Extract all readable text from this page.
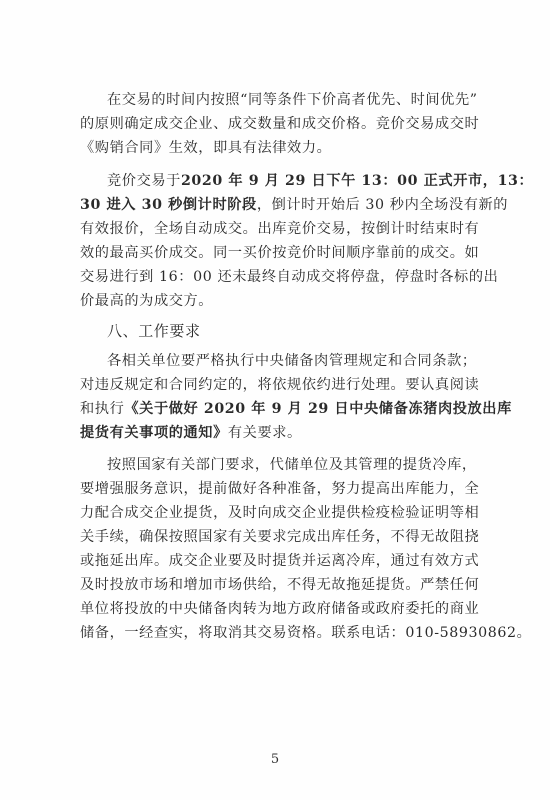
在交易的时间内按照“同等条件下价高者优先、时间优先”
的原则确定成交企业、成交数量和成交价格。竞价交易成交时
《购销合同》生效，即具有法律效力。
竞价交易于2020 年 9 月 29 日下午 13：00 正式开市，13：
30 进入 30 秒倒计时阶段，倒计时开始后 30 秒内全场没有新的
有效报价，全场自动成交。出库竞价交易，按倒计时结束时有
效的最高买价成交。同一买价按竞价时间顺序靠前的成交。如
交易进行到 16：00 还未最终自动成交将停盘，停盘时各标的出
价最高的为成交方。
八、工作要求
各相关单位要严格执行中央储备肉管理规定和合同条款；
对违反规定和合同约定的，将依规依约进行处理。要认真阅读
和执行《关于做好 2020 年 9 月 29 日中央储备冻猪肉投放出库
提货有关事项的通知》有关要求。
按照国家有关部门要求，代储单位及其管理的提货冷库，
要增强服务意识，提前做好各种准备，努力提高出库能力，全
力配合成交企业提货，及时向成交企业提供检疫检验证明等相
关手续，确保按照国家有关要求完成出库任务，不得无故阻挠
或拖延出库。成交企业要及时提货并运离冷库，通过有效方式
及时投放市场和增加市场供给，不得无故拖延提货。严禁任何
单位将投放的中央储备肉转为地方政府储备或政府委托的商业
储备，一经查实，将取消其交易资格。联系电话：010-58930862。
5
